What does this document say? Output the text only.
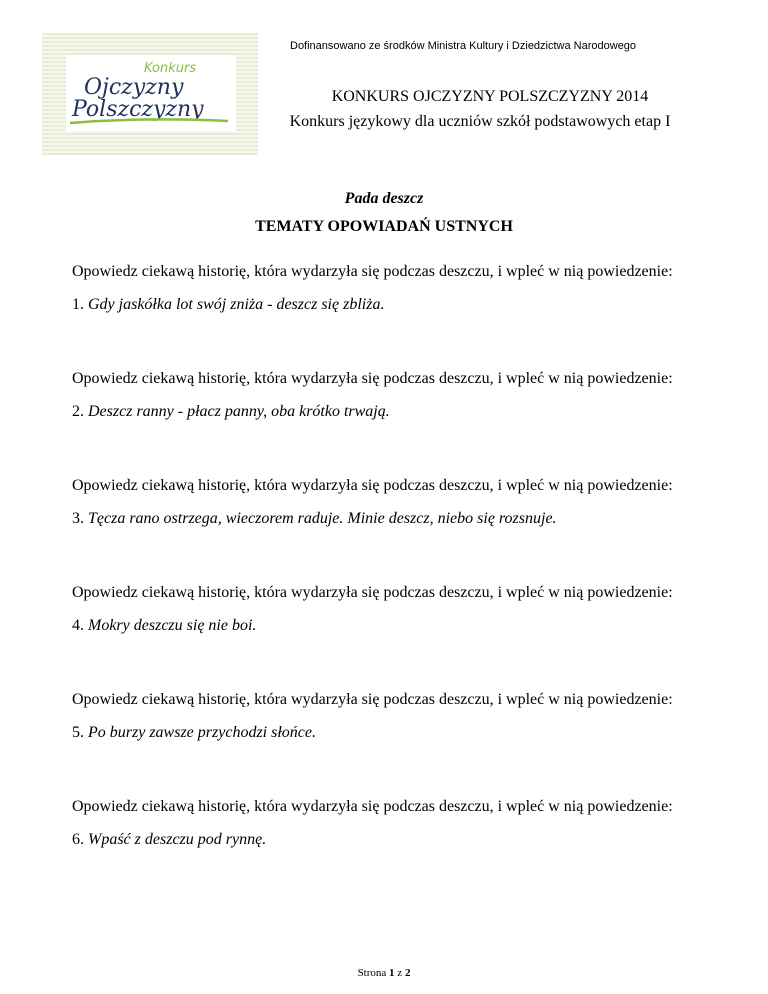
Konkurs
Ojczyzny
Polszczyzny
Dofinansowano ze środków Ministra Kultury i Dziedzictwa Narodowego
KONKURS OJCZYZNY POLSZCZYZNY 2014
Konkurs językowy dla uczniów szkół podstawowych etap I
Pada deszcz
TEMATY OPOWIADAŃ USTNYCH

Opowiedz ciekawą historię, która wydarzyła się podczas deszczu, i wpleć w nią powiedzenie:

1. Gdy jaskółka lot swój zniża - deszcz się zbliża.

Opowiedz ciekawą historię, która wydarzyła się podczas deszczu, i wpleć w nią powiedzenie:

2. Deszcz ranny - płacz panny, oba krótko trwają.

Opowiedz ciekawą historię, która wydarzyła się podczas deszczu, i wpleć w nią powiedzenie:

3. Tęcza rano ostrzega, wieczorem raduje. Minie deszcz, niebo się rozsnuje.

Opowiedz ciekawą historię, która wydarzyła się podczas deszczu, i wpleć w nią powiedzenie:

4. Mokry deszczu się nie boi.

Opowiedz ciekawą historię, która wydarzyła się podczas deszczu, i wpleć w nią powiedzenie:

5. Po burzy zawsze przychodzi słońce.

Opowiedz ciekawą historię, która wydarzyła się podczas deszczu, i wpleć w nią powiedzenie:

6. Wpaść z deszczu pod rynnę.

Strona 1 z 2
